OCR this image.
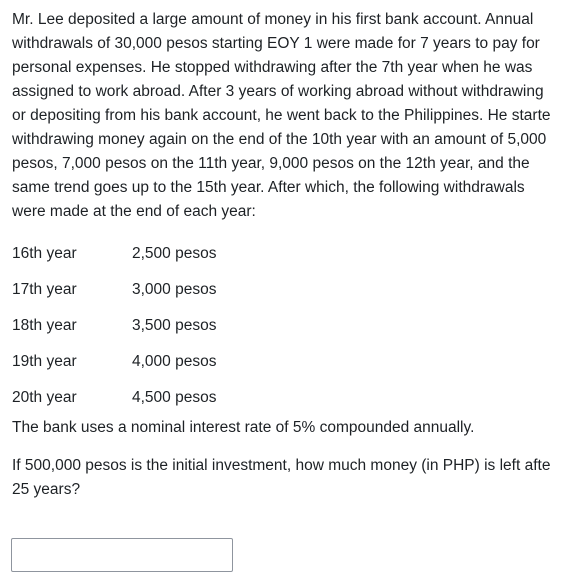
Mr. Lee deposited a large amount of money in his first bank account. Annual

withdrawals of 30,000 pesos starting EOY 1 were made for 7 years to pay for

personal expenses. He stopped withdrawing after the 7th year when he was

assigned to work abroad. After 3 years of working abroad without withdrawing

or depositing from his bank account, he went back to the Philippines. He starte

withdrawing money again on the end of the 10th year with an amount of 5,000

pesos, 7,000 pesos on the 11th year, 9,000 pesos on the 12th year, and the

same trend goes up to the 15th year. After which, the following withdrawals

were made at the end of each year:

16th year	2,500 pesos
17th year	3,000 pesos
18th year	3,500 pesos
19th year	4,000 pesos
20th year	4,500 pesos

The bank uses a nominal interest rate of 5% compounded annually.

If 500,000 pesos is the initial investment, how much money (in PHP) is left afte

25 years?
